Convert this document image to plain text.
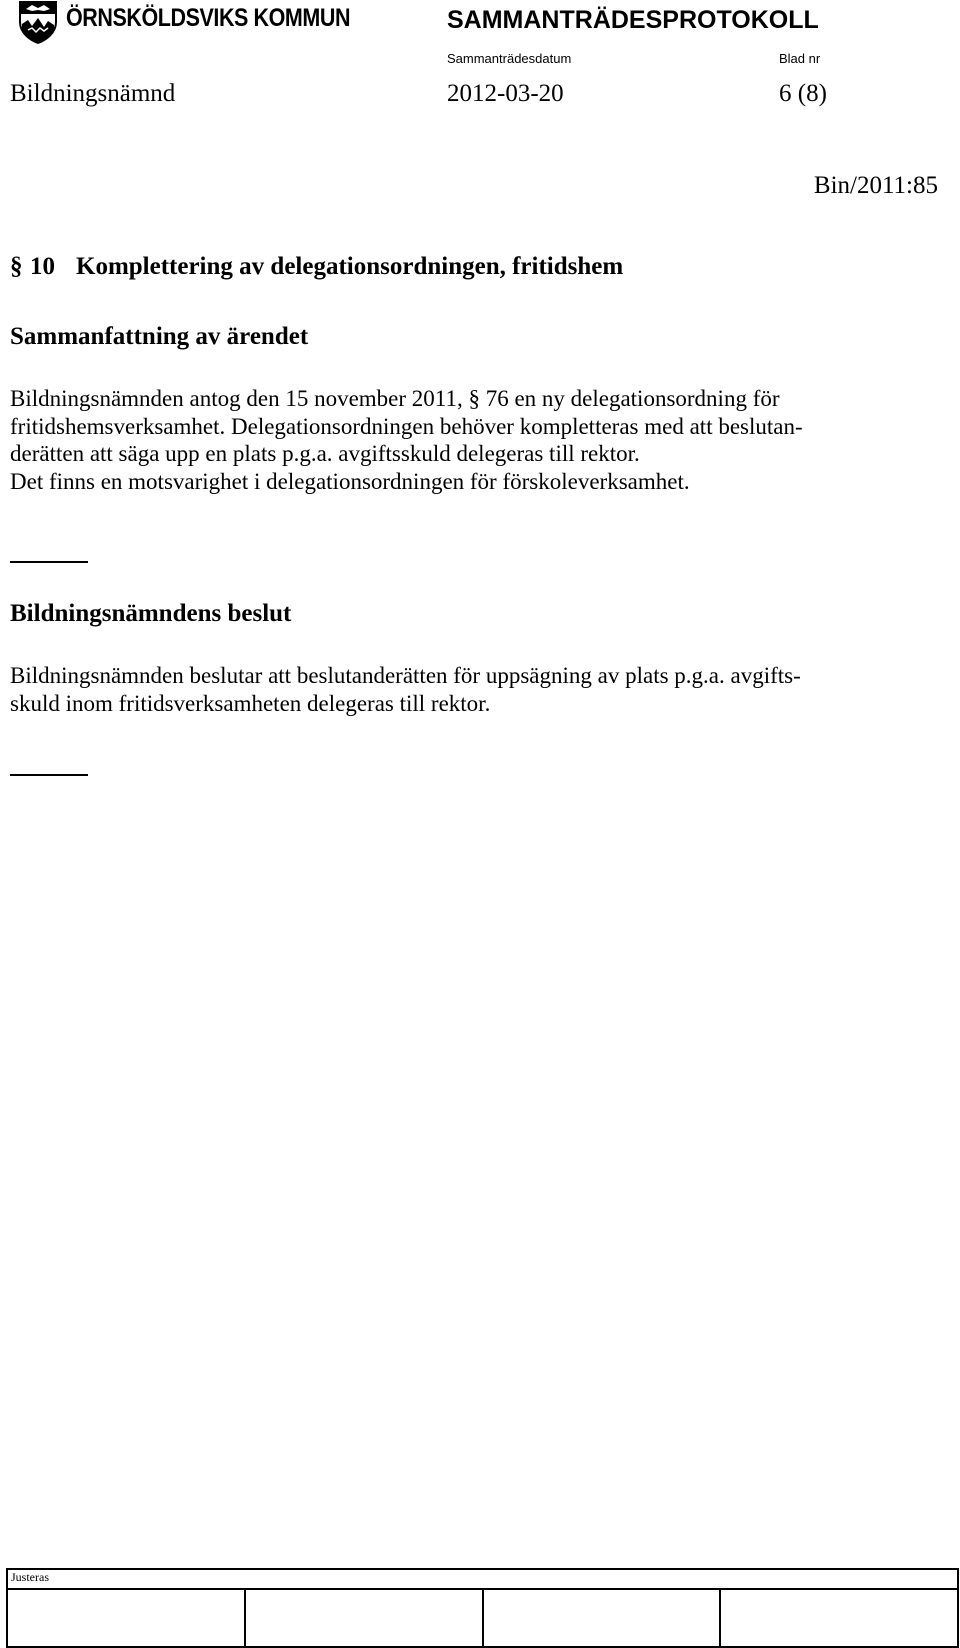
ÖRNSKÖLDSVIKS KOMMUN	SAMMANTRÄDESPROTOKOLL
Sammanträdesdatum	Blad nr
Bildningsnämnd	2012-03-20	6 (8)
Bin/2011:85
§ 10 Komplettering av delegationsordningen, fritidshem
Sammanfattning av ärendet

Bildningsnämnden antog den 15 november 2011, § 76 en ny delegationsordning för
fritidshemsverksamhet. Delegationsordningen behöver kompletteras med att beslutan-
derätten att säga upp en plats p.g.a. avgiftsskuld delegeras till rektor.
Det finns en motsvarighet i delegationsordningen för förskoleverksamhet.

Bildningsnämndens beslut

Bildningsnämnden beslutar att beslutanderätten för uppsägning av plats p.g.a. avgifts-
skuld inom fritidsverksamheten delegeras till rektor.

Justeras
